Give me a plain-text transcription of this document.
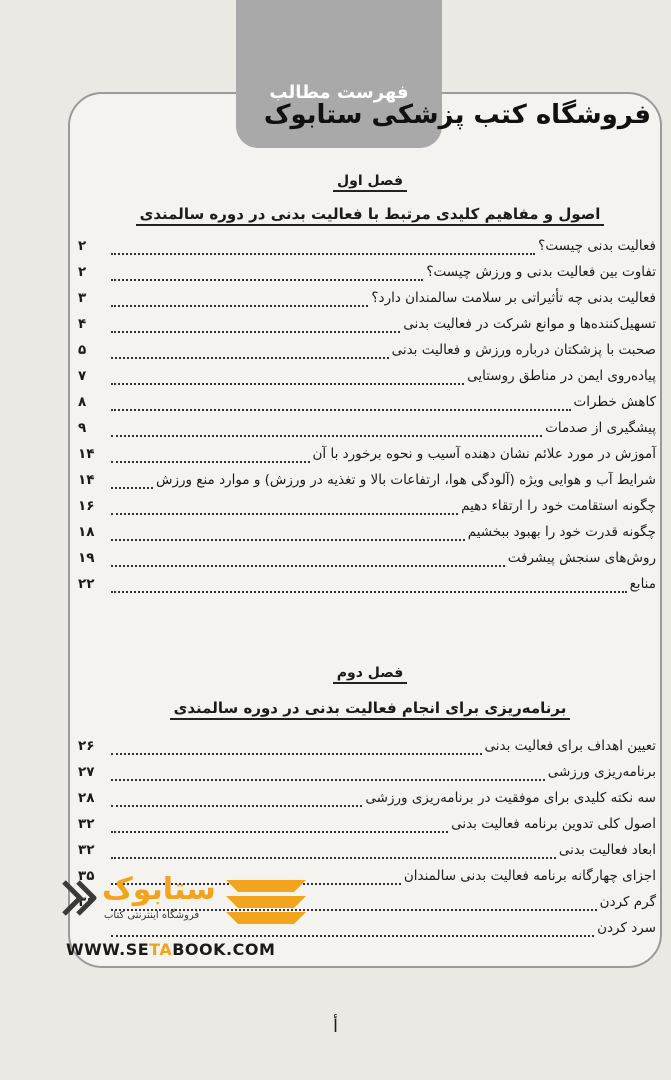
فهرست مطالب
فروشگاه کتب پزشکی ستابوک
فصل اول
اصول و مفاهیم کلیدی مرتبط با فعالیت بدنی در دوره سالمندی
فعالیت بدنی چیست؟
۲
تفاوت بین فعالیت بدنی و ورزش چیست؟
۲
فعالیت بدنی چه تأثیراتی بر سلامت سالمندان دارد؟
۳
تسهیل‌کننده‌ها و موانع شرکت در فعالیت بدنی
۴
صحبت با پزشکتان درباره ورزش و فعالیت بدنی
۵
پیاده‌روی ایمن در مناطق روستایی
۷
کاهش خطرات
۸
پیشگیری از صدمات
۹
آموزش در مورد علائم نشان دهنده آسیب و نحوه برخورد با آن
۱۴
شرایط آب و هوایی ویژه (آلودگی هوا، ارتفاعات بالا و تغذیه در ورزش) و موارد منع ورزش
۱۴
چگونه استقامت خود را ارتقاء دهیم
۱۶
چگونه قدرت خود را بهبود ببخشیم
۱۸
روش‌های سنجش پیشرفت
۱۹
منابع
۲۲
فصل دوم
برنامه‌ریزی برای انجام فعالیت بدنی در دوره سالمندی
تعیین اهداف برای فعالیت بدنی
۲۶
برنامه‌ریزی ورزشی
۲۷
سه نکته کلیدی برای موفقیت در برنامه‌ریزی ورزشی
۲۸
اصول کلی تدوین برنامه فعالیت بدنی
۳۲
ابعاد فعالیت بدنی
۳۲
اجزای چهارگانه برنامه فعالیت بدنی سالمندان
۳۵
گرم کردن
۳۶
سرد کردن
ستابوک
فروشگاه اینترنتی کتاب
WWW.SETABOOK.COM
أ
